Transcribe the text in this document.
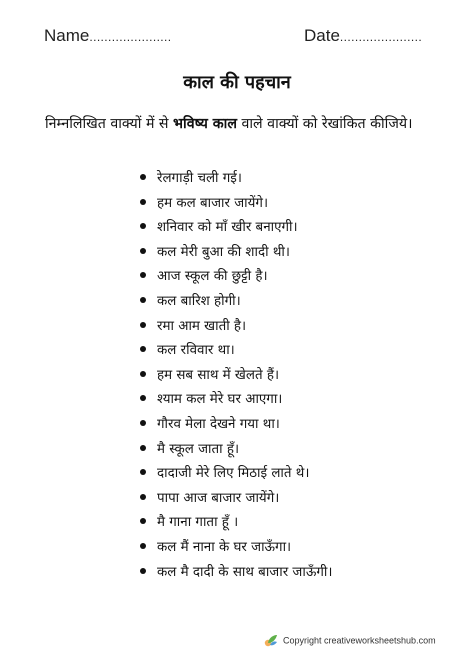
Name......................	Date......................
काल की पहचान
निम्नलिखित वाक्यों में से भविष्य काल वाले वाक्यों को रेखांकित कीजिये।
रेलगाड़ी चली गई।
हम कल बाजार जायेंगे।
शनिवार को माँ खीर बनाएगी।
कल मेरी बुआ की शादी थी।
आज स्कूल की छुट्टी है।
कल बारिश होगी।
रमा आम खाती है।
कल रविवार था।
हम सब साथ में खेलते हैं।
श्याम कल मेरे घर आएगा।
गौरव मेला देखने गया था।
मै स्कूल जाता हूँ।
दादाजी मेरे लिए मिठाई लाते थे।
पापा आज बाजार जायेंगे।
मै गाना गाता हूँ ।
कल मैं नाना के घर जाऊँगा।
कल मै दादी के साथ बाजार जाऊँगी।
Copyright creativeworksheetshub.com
